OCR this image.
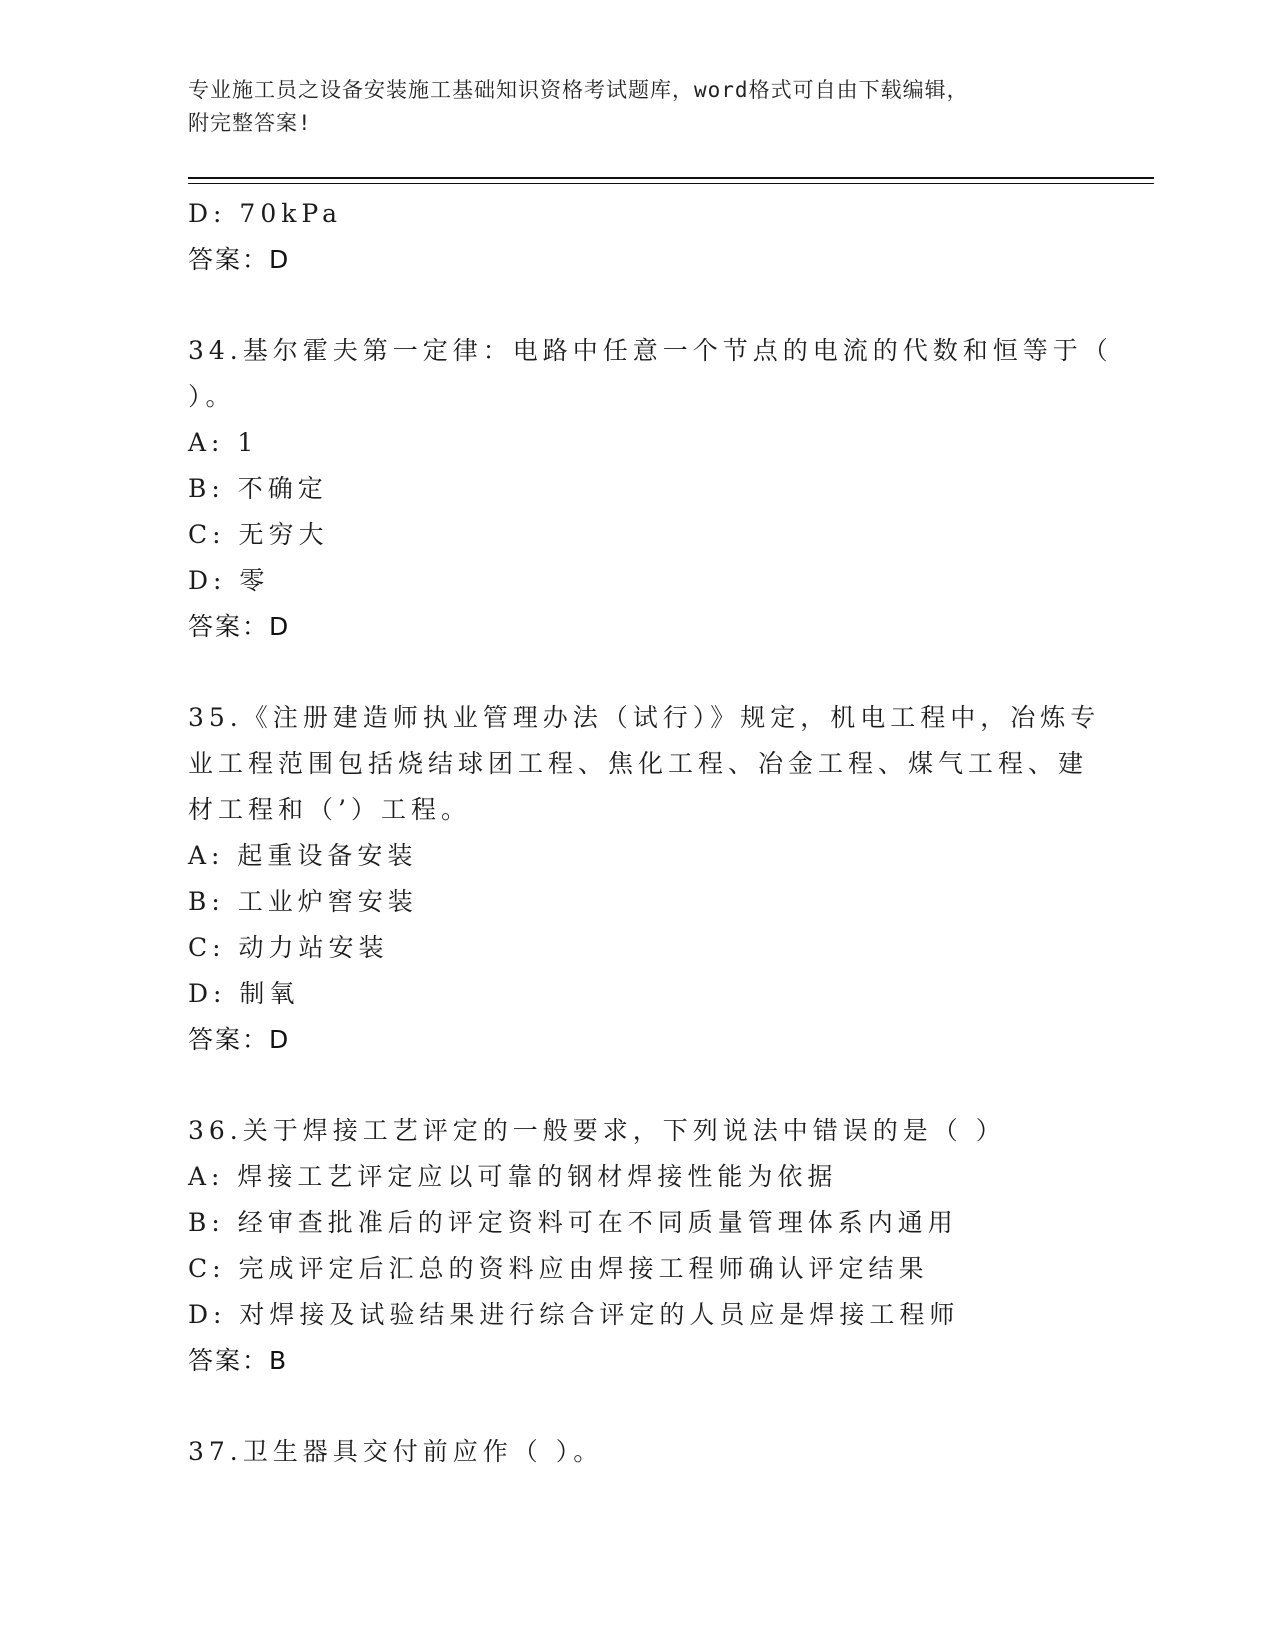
专业施工员之设备安装施工基础知识资格考试题库，word格式可自由下载编辑，
附完整答案!
D: 70kPa
答案：D
34.基尔霍夫第一定律：电路中任意一个节点的电流的代数和恒等于（
）。
A: 1
B: 不确定
C: 无穷大
D: 零
答案：D
35.《注册建造师执业管理办法（试行）》规定，机电工程中，冶炼专
业工程范围包括烧结球团工程、焦化工程、冶金工程、煤气工程、建
材工程和（’）工程。
A: 起重设备安装
B: 工业炉窖安装
C: 动力站安装
D: 制氧
答案：D
36.关于焊接工艺评定的一般要求，下列说法中错误的是（ ）
A: 焊接工艺评定应以可靠的钢材焊接性能为依据
B: 经审查批准后的评定资料可在不同质量管理体系内通用
C: 完成评定后汇总的资料应由焊接工程师确认评定结果
D: 对焊接及试验结果进行综合评定的人员应是焊接工程师
答案：B
37.卫生器具交付前应作（ ）。
